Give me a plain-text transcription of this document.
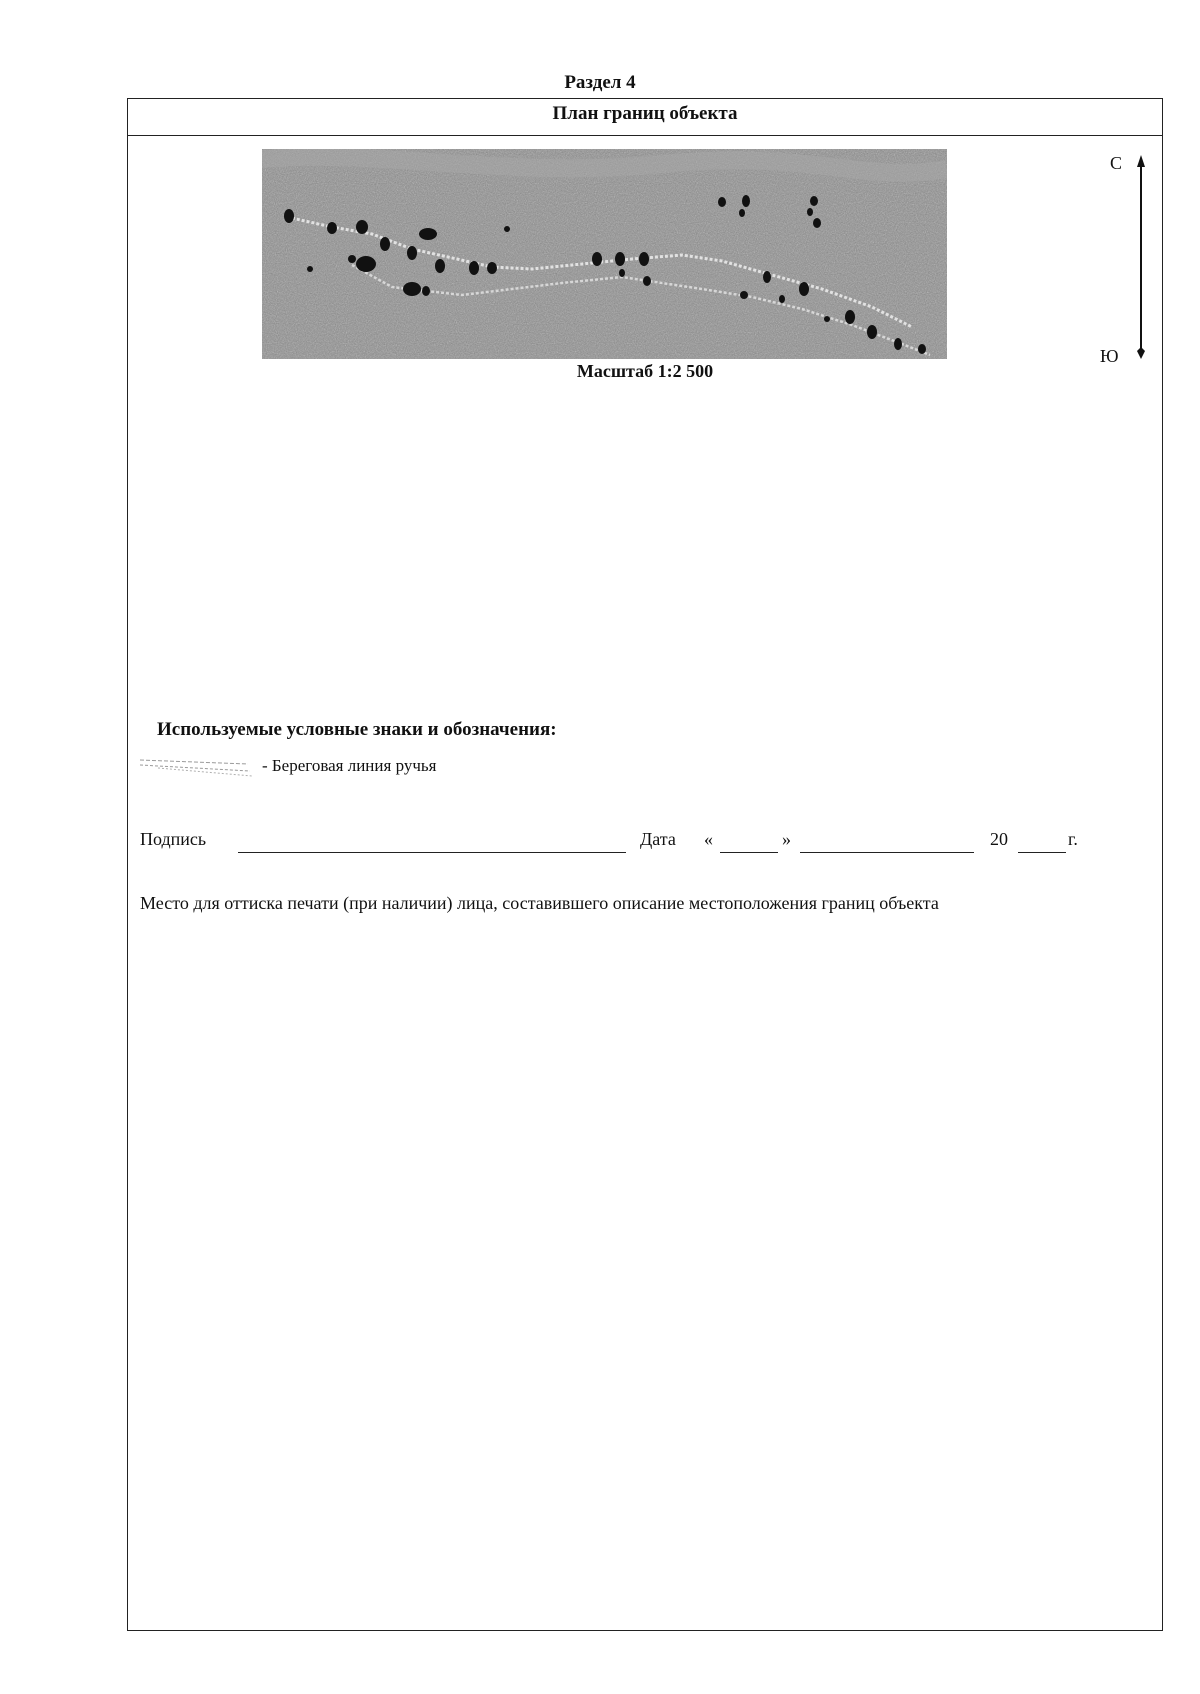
Раздел 4
План границ объекта
С
Ю
Масштаб 1:2 500
Используемые условные знаки и обозначения:
- Береговая линия ручья
Подпись	Дата «	»	20	г.
Место для оттиска печати (при наличии) лица, составившего описание местоположения границ объекта
